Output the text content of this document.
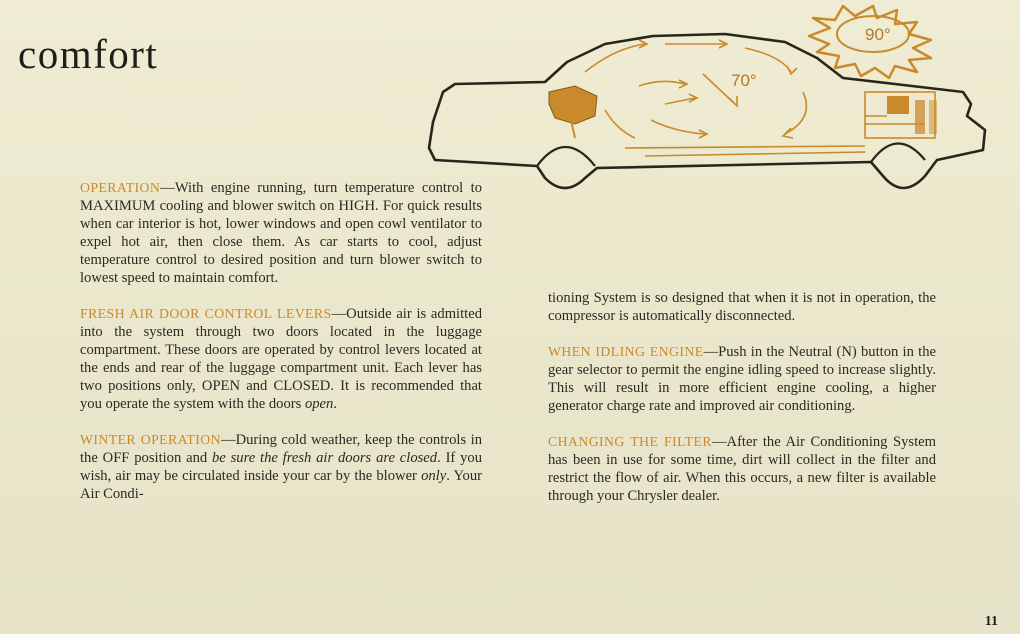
comfort	90°
70°

OPERATION—With engine running, turn temperature control to MAXIMUM cooling and blower switch on HIGH. For quick results when car interior is hot, lower windows and open cowl ventilator to expel hot air, then close them. As car starts to cool, adjust temperature control to desired position and turn blower switch to lowest speed to maintain comfort.

FRESH AIR DOOR CONTROL LEVERS—Outside air is admitted into the system through two doors located in the luggage compartment. These doors are operated by control levers located at the ends and rear of the luggage compartment unit. Each lever has two positions only, OPEN and CLOSED. It is recommended that you operate the system with the doors open.

WINTER OPERATION—During cold weather, keep the controls in the OFF position and be sure the fresh air doors are closed. If you wish, air may be circulated inside your car by the blower only. Your Air Condi-

tioning System is so designed that when it is not in operation, the compressor is automatically disconnected.

WHEN IDLING ENGINE—Push in the Neutral (N) button in the gear selector to permit the engine idling speed to increase slightly. This will result in more efficient engine cooling, a higher generator charge rate and improved air conditioning.

CHANGING THE FILTER—After the Air Conditioning System has been in use for some time, dirt will collect in the filter and restrict the flow of air. When this occurs, a new filter is available through your Chrysler dealer.

11
